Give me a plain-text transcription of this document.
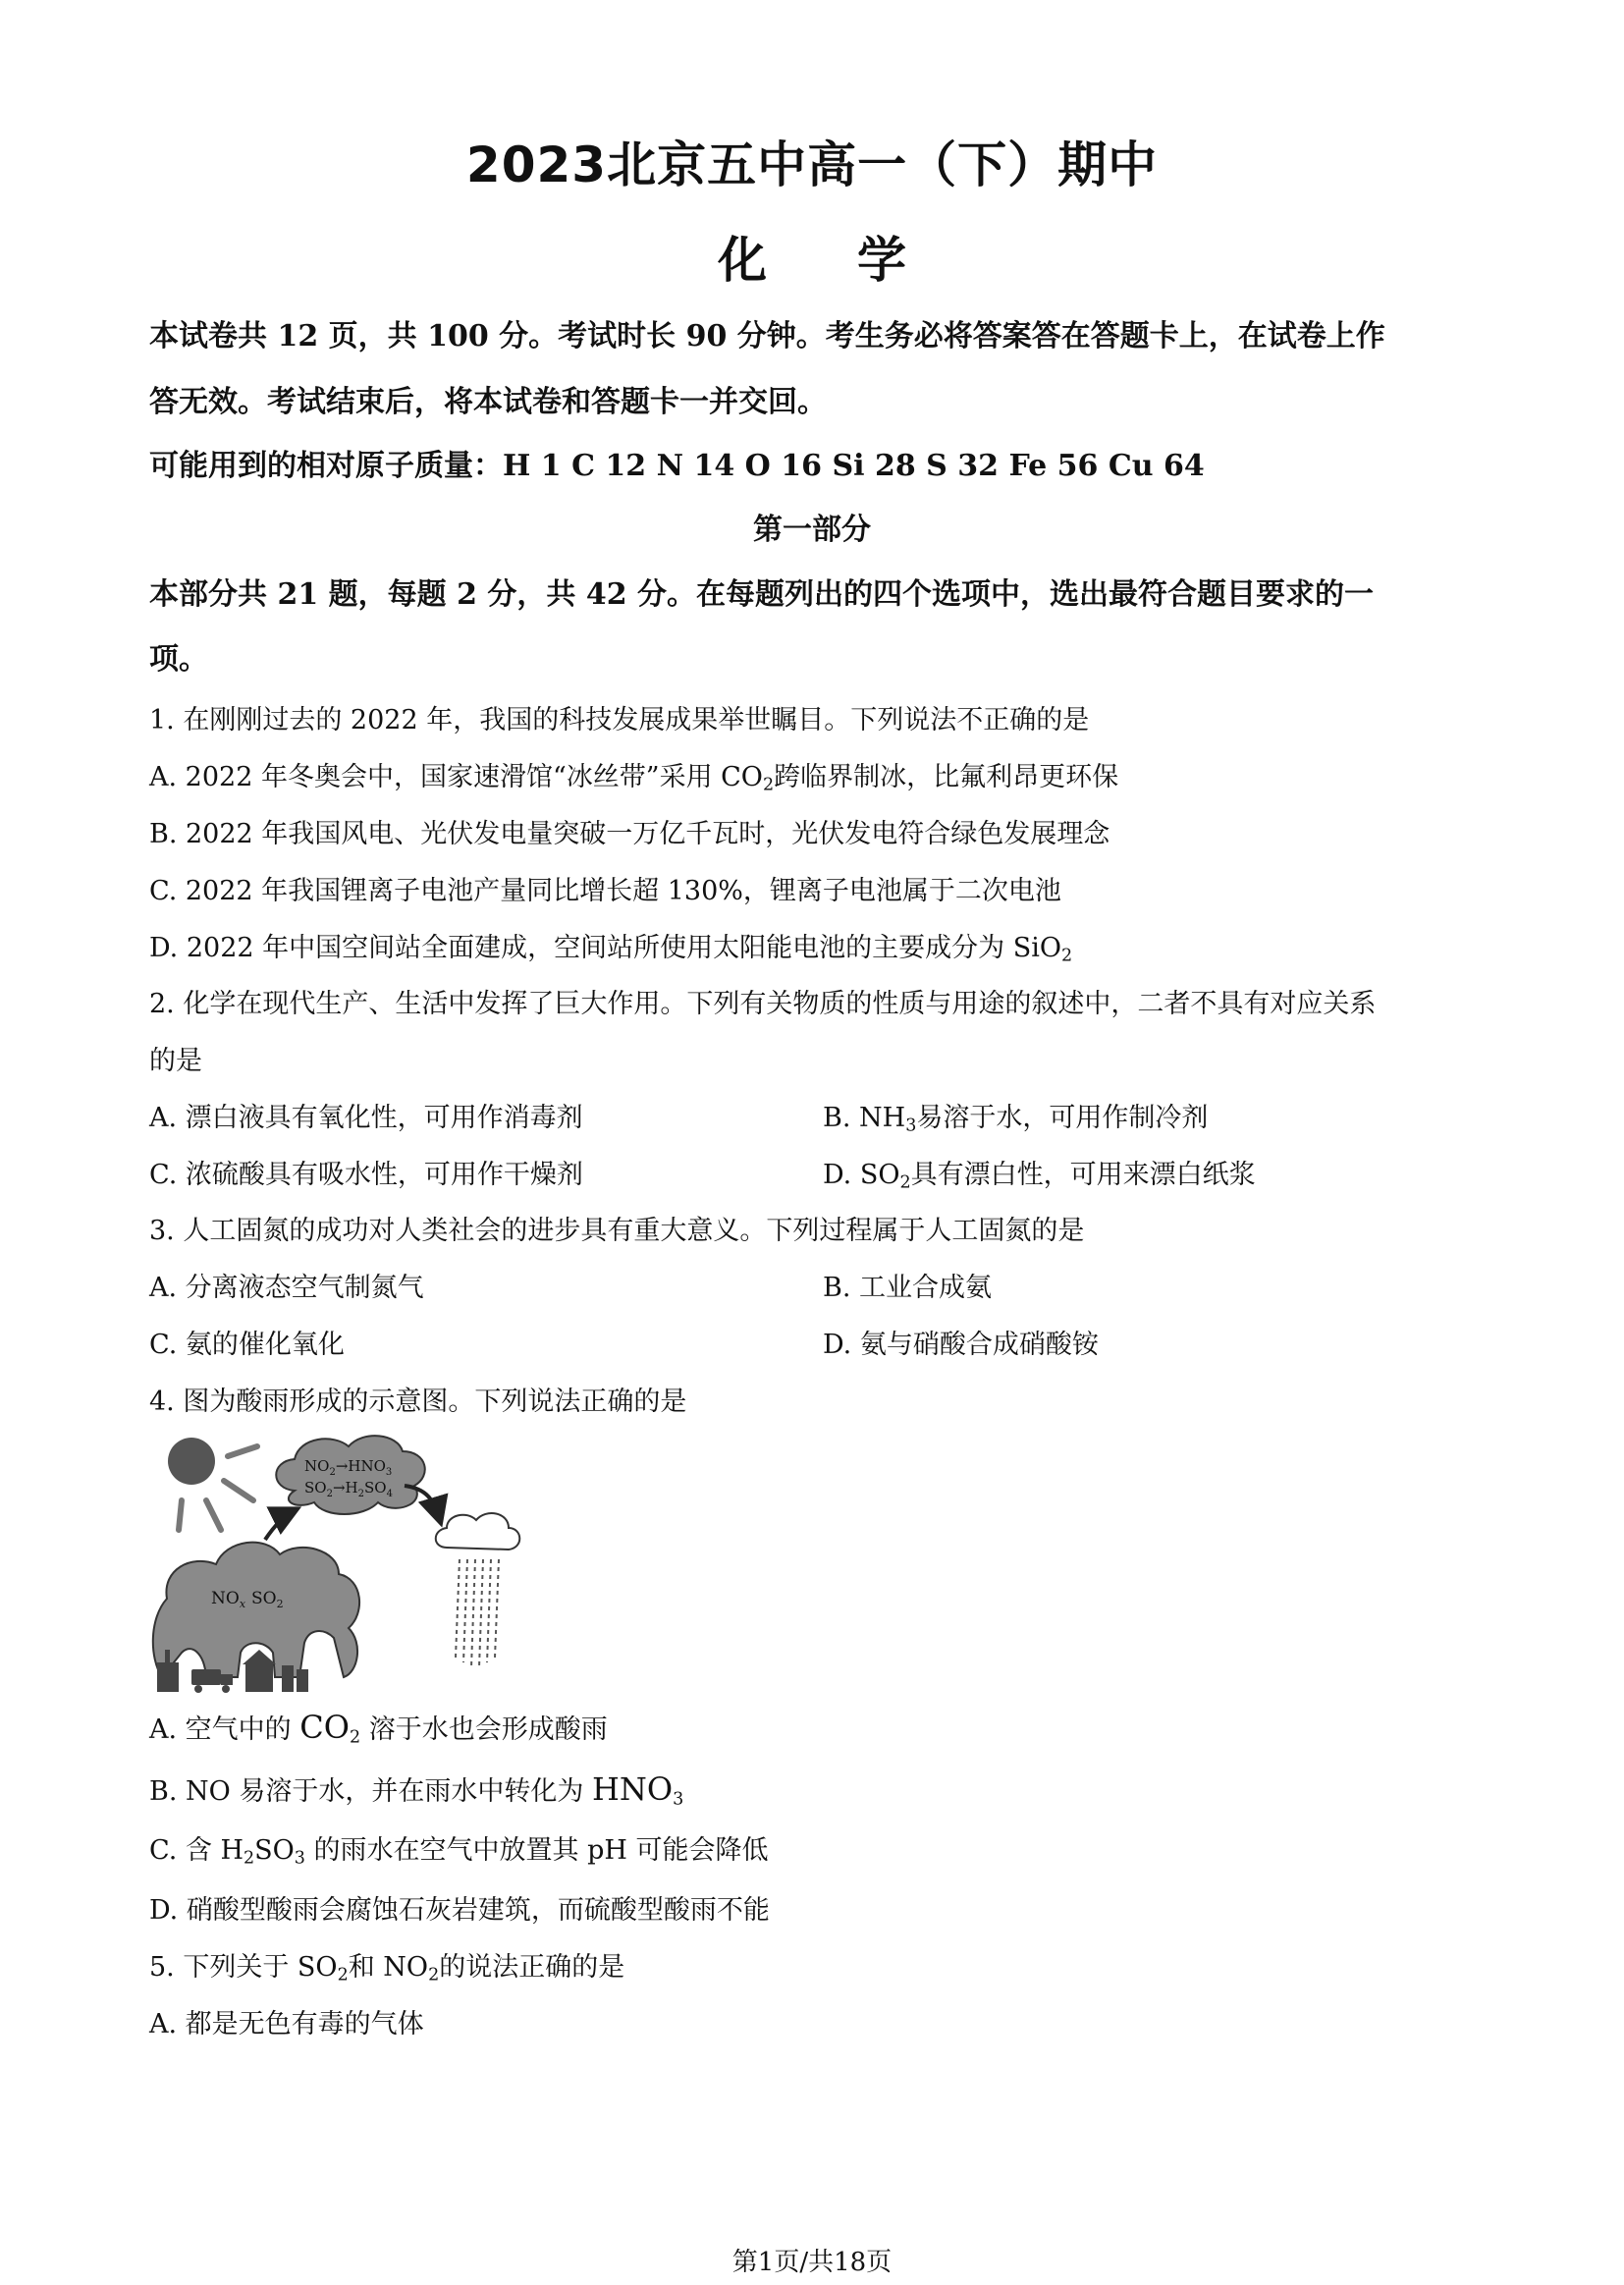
2023北京五中高一（下）期中
化 学
本试卷共 12 页，共 100 分。考试时长 90 分钟。考生务必将答案答在答题卡上，在试卷上作
答无效。考试结束后，将本试卷和答题卡一并交回。
可能用到的相对原子质量：H 1 C 12 N 14 O 16 Si 28 S 32 Fe 56 Cu 64
第一部分
本部分共 21 题，每题 2 分，共 42 分。在每题列出的四个选项中，选出最符合题目要求的一
项。
1. 在刚刚过去的 2022 年，我国的科技发展成果举世瞩目。下列说法不正确的是
A. 2022 年冬奥会中，国家速滑馆“冰丝带”采用 $CO_2$跨临界制冰，比氟利昂更环保
B. 2022 年我国风电、光伏发电量突破一万亿千瓦时，光伏发电符合绿色发展理念
C. 2022 年我国锂离子电池产量同比增长超 130%，锂离子电池属于二次电池
D. 2022 年中国空间站全面建成，空间站所使用太阳能电池的主要成分为 SiO$_2$
2. 化学在现代生产、生活中发挥了巨大作用。下列有关物质的性质与用途的叙述中，二者不具有对应关系
的是
A. 漂白液具有氧化性，可用作消毒剂	B. $NH_3$易溶于水，可用作制冷剂
C. 浓硫酸具有吸水性，可用作干燥剂	D. $SO_2$具有漂白性，可用来漂白纸浆
3. 人工固氮的成功对人类社会的进步具有重大意义。下列过程属于人工固氮的是
A. 分离液态空气制氮气	B. 工业合成氨
C. 氨的催化氧化	D. 氨与硝酸合成硝酸铵
4. 图为酸雨形成的示意图。下列说法正确的是
$NO_2\to HNO_3$
$SO_2\to H_2SO_4$
$NO_x$ $SO_2$
A. 空气中的 $CO_2$ 溶于水也会形成酸雨
B. NO 易溶于水，并在雨水中转化为 $HNO_3$
C. 含 $H_2SO_3$ 的雨水在空气中放置其 pH 可能会降低
D. 硝酸型酸雨会腐蚀石灰岩建筑，而硫酸型酸雨不能
5. 下列关于 $SO_2$和 $NO_2$的说法正确的是
A. 都是无色有毒的气体
第1页/共18页
